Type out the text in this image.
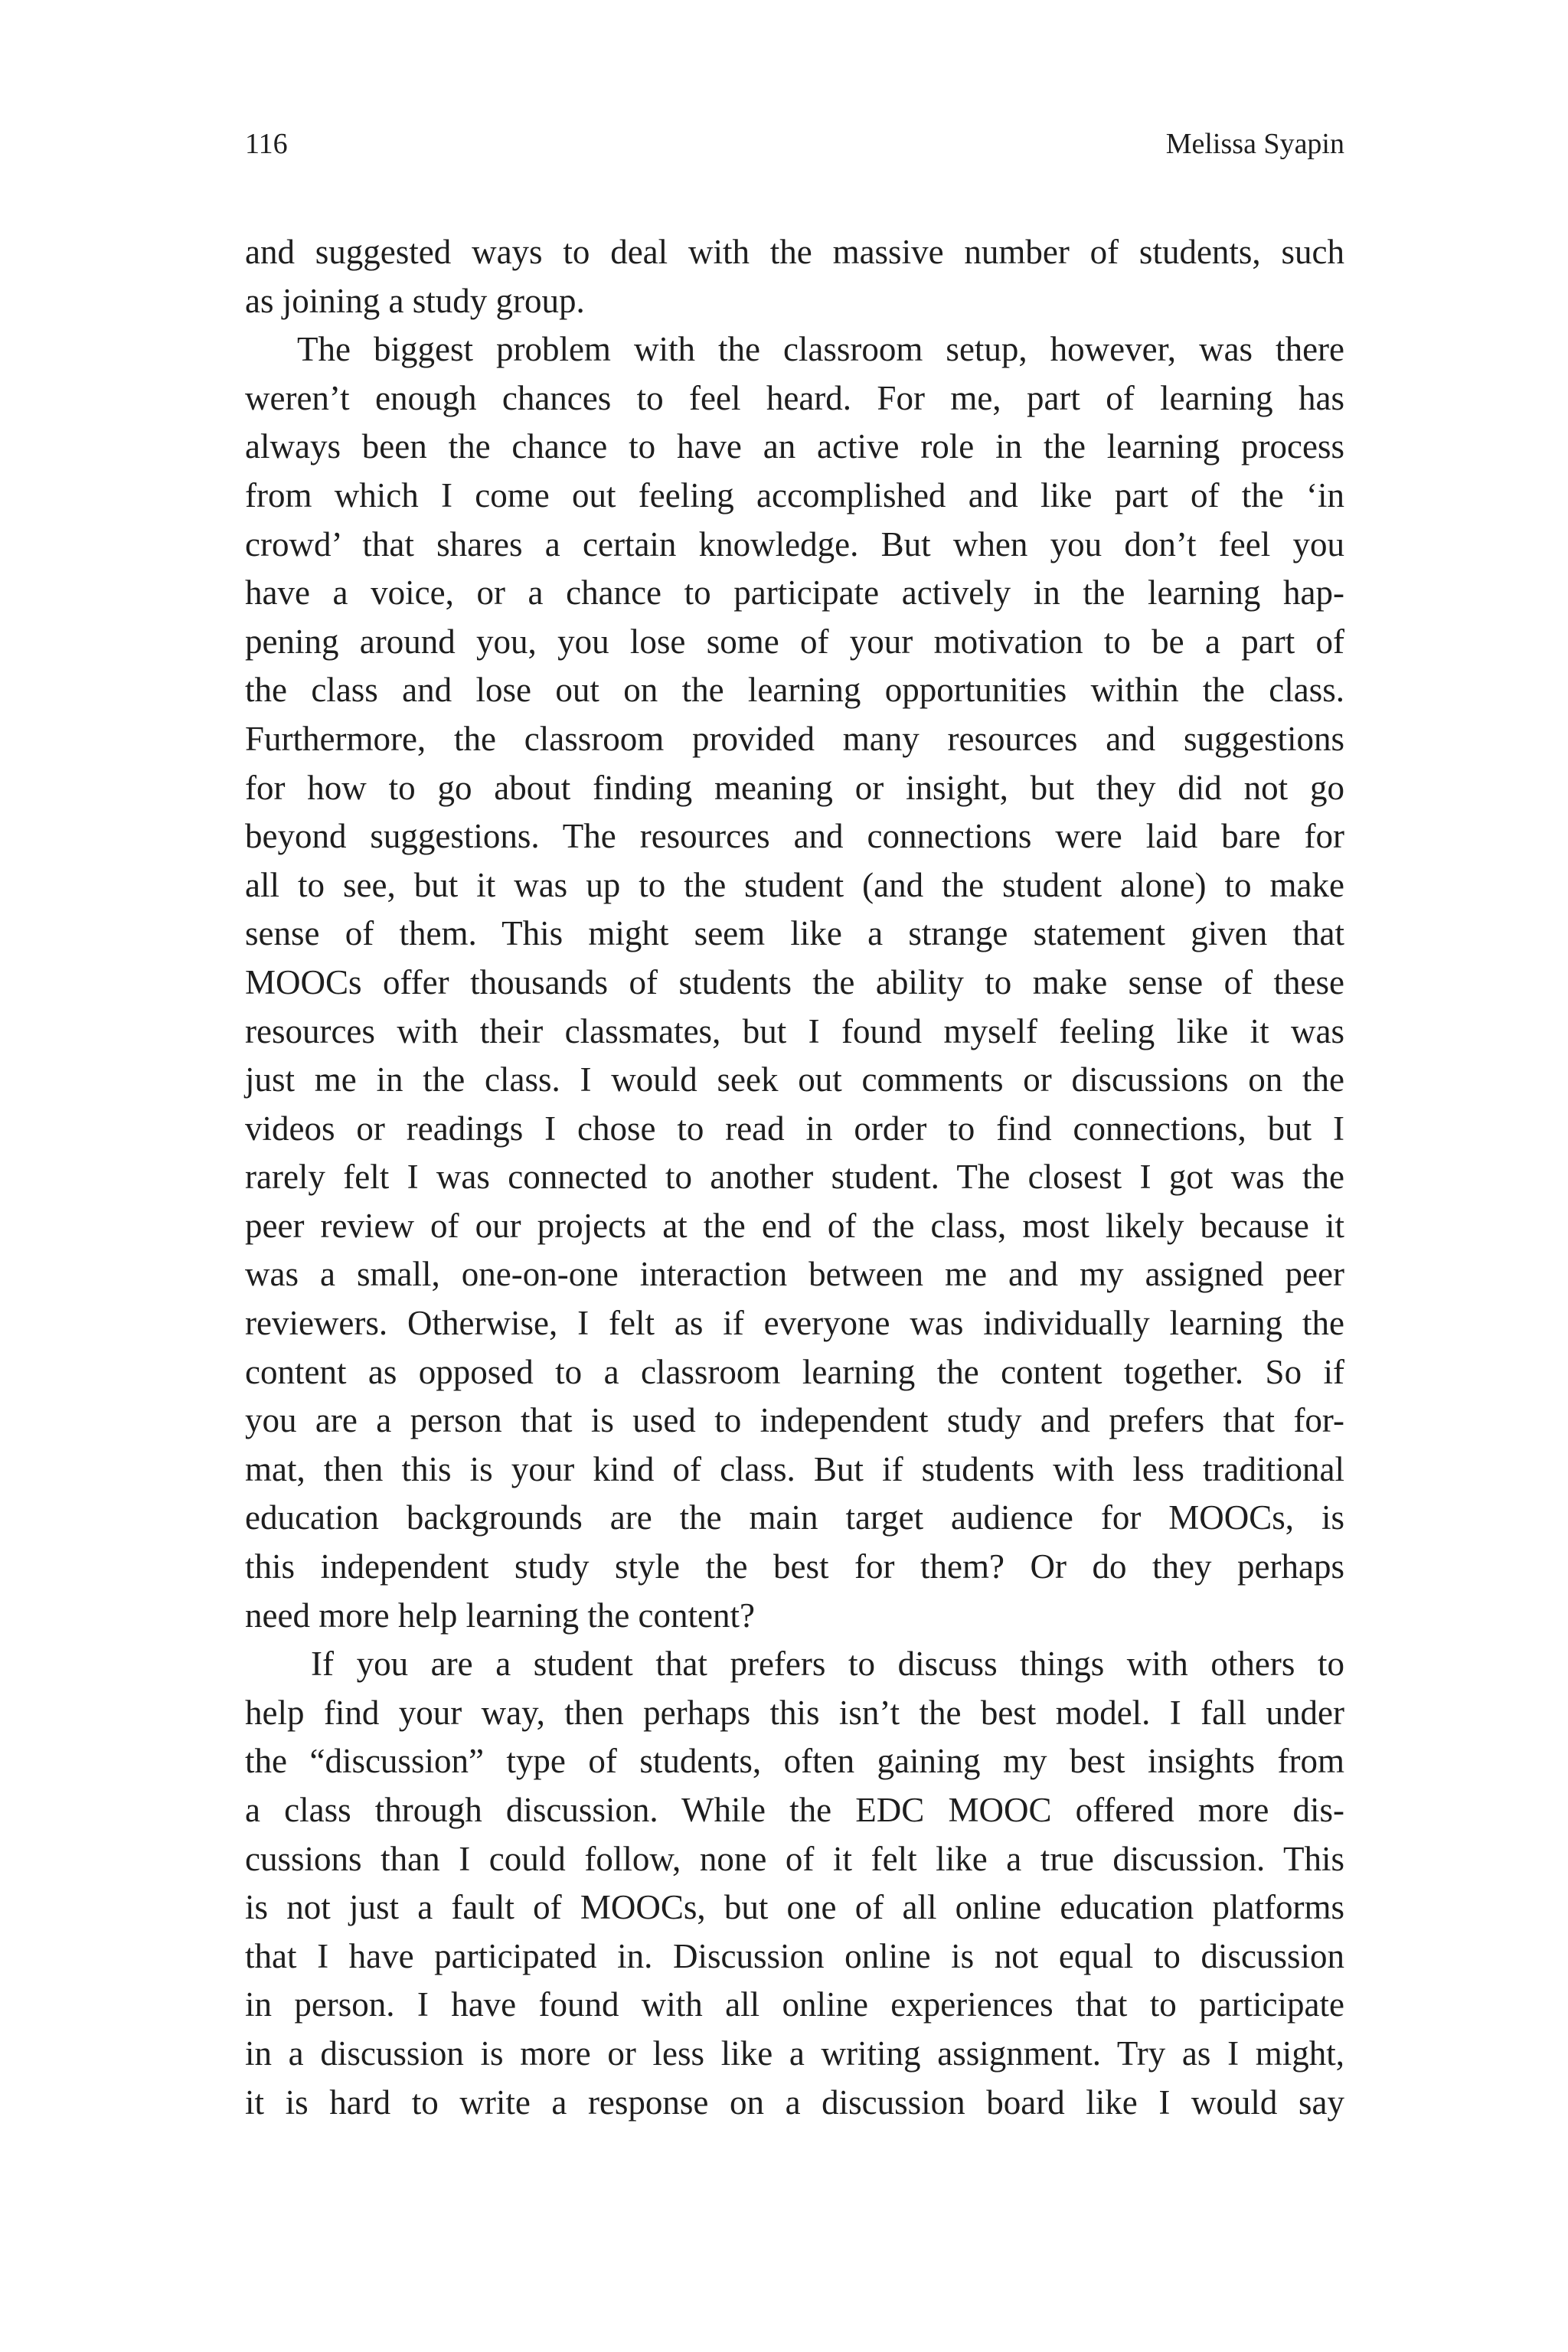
116	Melissa Syapin
and suggested ways to deal with the massive number of students, such
as joining a study group.
The biggest problem with the classroom setup, however, was there
weren’t enough chances to feel heard. For me, part of learning has
always been the chance to have an active role in the learning process
from which I come out feeling accomplished and like part of the ‘in
crowd’ that shares a certain knowledge. But when you don’t feel you
have a voice, or a chance to participate actively in the learning hap-
pening around you, you lose some of your motivation to be a part of
the class and lose out on the learning opportunities within the class.
Furthermore, the classroom provided many resources and suggestions
for how to go about finding meaning or insight, but they did not go
beyond suggestions. The resources and connections were laid bare for
all to see, but it was up to the student (and the student alone) to make
sense of them. This might seem like a strange statement given that
MOOCs offer thousands of students the ability to make sense of these
resources with their classmates, but I found myself feeling like it was
just me in the class. I would seek out comments or discussions on the
videos or readings I chose to read in order to find connections, but I
rarely felt I was connected to another student. The closest I got was the
peer review of our projects at the end of the class, most likely because it
was a small, one-on-one interaction between me and my assigned peer
reviewers. Otherwise, I felt as if everyone was individually learning the
content as opposed to a classroom learning the content together. So if
you are a person that is used to independent study and prefers that for-
mat, then this is your kind of class. But if students with less traditional
education backgrounds are the main target audience for MOOCs, is
this independent study style the best for them? Or do they perhaps
need more help learning the content?
If you are a student that prefers to discuss things with others to
help find your way, then perhaps this isn’t the best model. I fall under
the “discussion” type of students, often gaining my best insights from
a class through discussion. While the EDC MOOC offered more dis-
cussions than I could follow, none of it felt like a true discussion. This
is not just a fault of MOOCs, but one of all online education platforms
that I have participated in. Discussion online is not equal to discussion
in person. I have found with all online experiences that to participate
in a discussion is more or less like a writing assignment. Try as I might,
it is hard to write a response on a discussion board like I would say
